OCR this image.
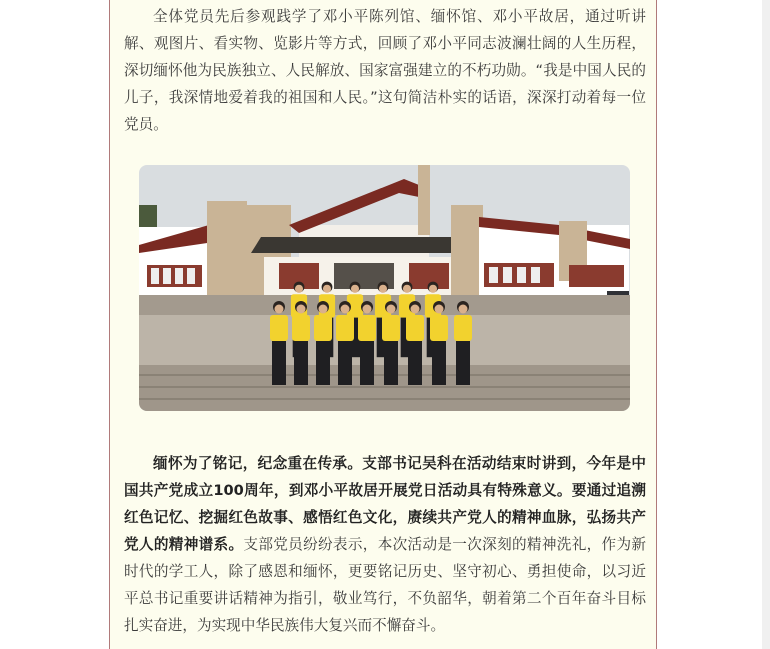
全体党员先后参观践学了邓小平陈列馆、缅怀馆、邓小平故居，通过听讲解、观图片、看实物、览影片等方式，回顾了邓小平同志波澜壮阔的人生历程，深切缅怀他为民族独立、人民解放、国家富强建立的不朽功勋。“我是中国人民的儿子，我深情地爱着我的祖国和人民。”这句简洁朴实的话语，深深打动着每一位党员。

缅怀为了铭记，纪念重在传承。支部书记吴科在活动结束时讲到，今年是中国共产党成立100周年，到邓小平故居开展党日活动具有特殊意义。要通过追溯红色记忆、挖掘红色故事、感悟红色文化，赓续共产党人的精神血脉，弘扬共产党人的精神谱系。支部党员纷纷表示，本次活动是一次深刻的精神洗礼，作为新时代的学工人，除了感恩和缅怀，更要铭记历史、坚守初心、勇担使命，以习近平总书记重要讲话精神为指引，敬业笃行，不负韶华，朝着第二个百年奋斗目标扎实奋进，为实现中华民族伟大复兴而不懈奋斗。
